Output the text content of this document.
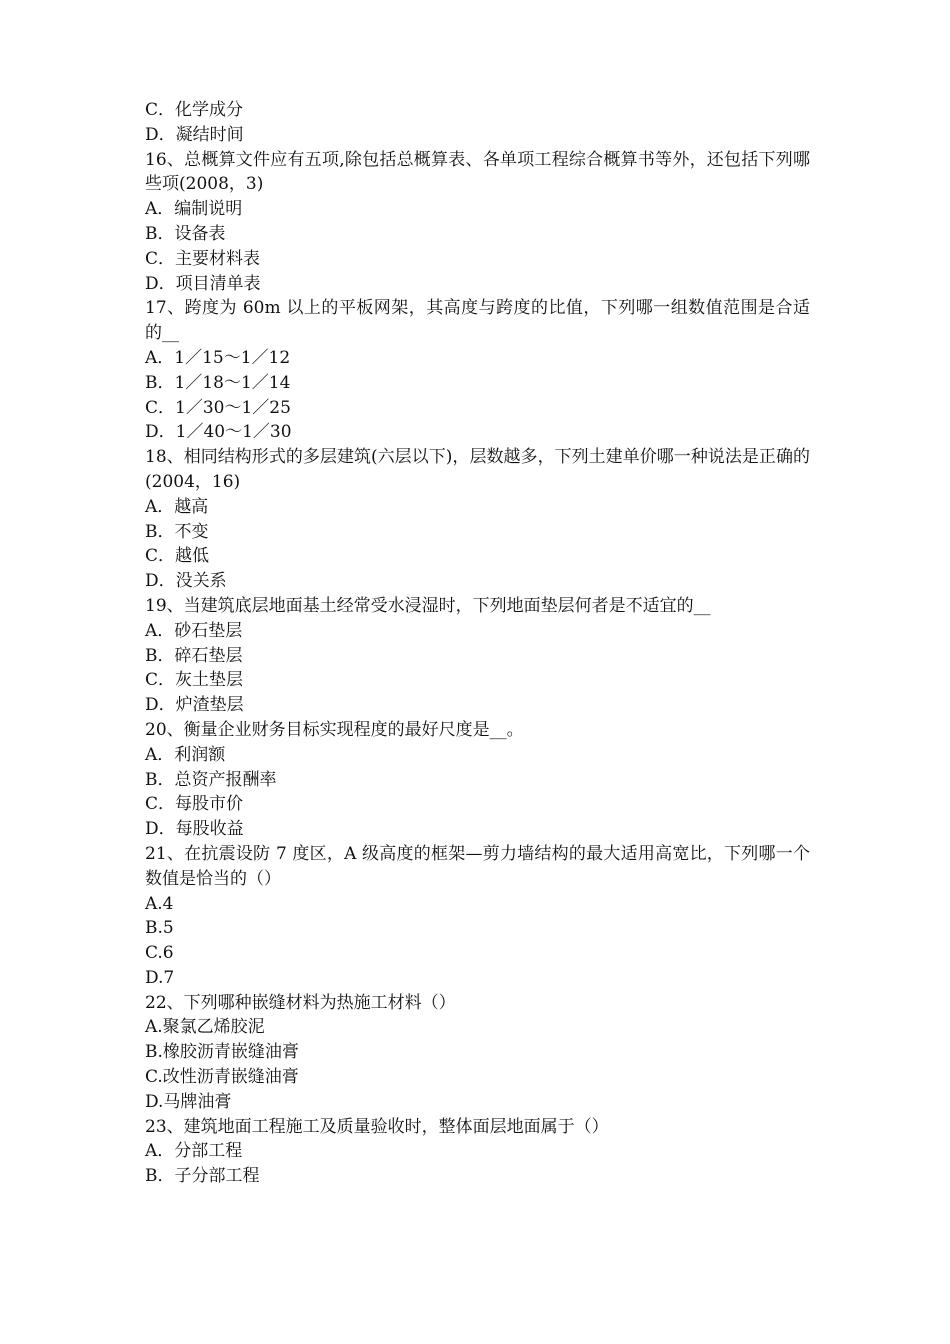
C．化学成分
D．凝结时间
16、总概算文件应有五项,除包括总概算表、各单项工程综合概算书等外，还包括下列哪些项(2008，3)
A．编制说明
B．设备表
C．主要材料表
D．项目清单表
17、跨度为 60m 以上的平板网架，其高度与跨度的比值，下列哪一组数值范围是合适的__
A．1／15～1／12
B．1／18～1／14
C．1／30～1／25
D．1／40～1／30
18、相同结构形式的多层建筑(六层以下)，层数越多，下列土建单价哪一种说法是正确的(2004，16)
A．越高
B．不变
C．越低
D．没关系
19、当建筑底层地面基土经常受水浸湿时，下列地面垫层何者是不适宜的__
A．砂石垫层
B．碎石垫层
C．灰土垫层
D．炉渣垫层
20、衡量企业财务目标实现程度的最好尺度是__。
A．利润额
B．总资产报酬率
C．每股市价
D．每股收益
21、在抗震设防 7 度区，A 级高度的框架—剪力墙结构的最大适用高宽比，下列哪一个数值是恰当的（）
A.4
B.5
C.6
D.7
22、下列哪种嵌缝材料为热施工材料（）
A.聚氯乙烯胶泥
B.橡胶沥青嵌缝油膏
C.改性沥青嵌缝油膏
D.马牌油膏
23、建筑地面工程施工及质量验收时，整体面层地面属于（）
A．分部工程
B．子分部工程
